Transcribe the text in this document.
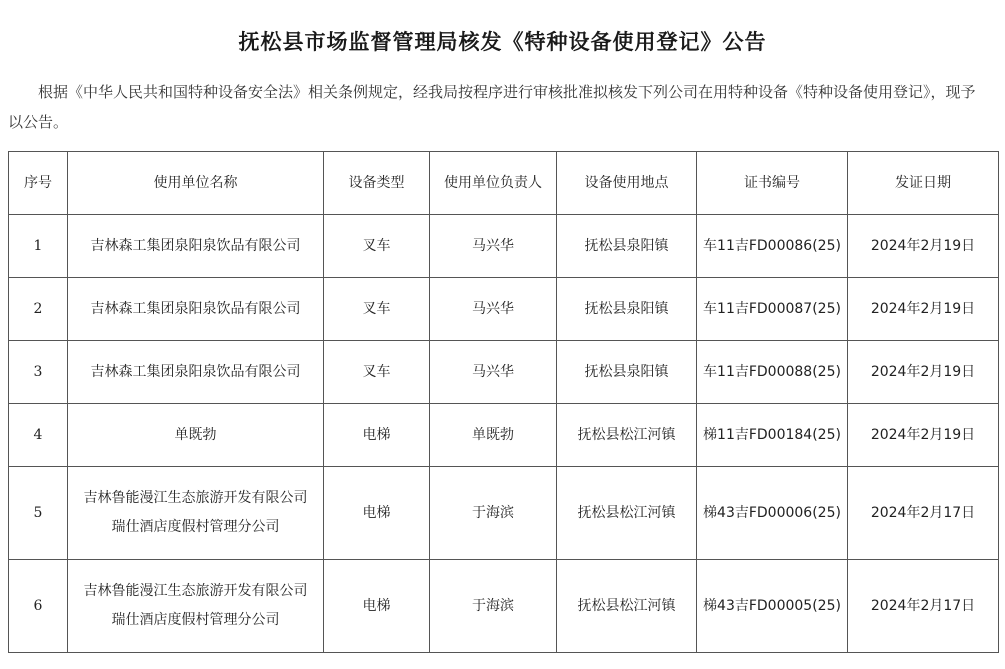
抚松县市场监督管理局核发《特种设备使用登记》公告

根据《中华人民共和国特种设备安全法》相关条例规定，经我局按程序进行审核批准拟核发下列公司在用特种设备《特种设备使用登记》，现予以公告。

序号	使用单位名称	设备类型	使用单位负责人	设备使用地点	证书编号	发证日期
1	吉林森工集团泉阳泉饮品有限公司	叉车	马兴华	抚松县泉阳镇	车11吉FD00086(25)	2024年2月19日
2	吉林森工集团泉阳泉饮品有限公司	叉车	马兴华	抚松县泉阳镇	车11吉FD00087(25)	2024年2月19日
3	吉林森工集团泉阳泉饮品有限公司	叉车	马兴华	抚松县泉阳镇	车11吉FD00088(25)	2024年2月19日
4	单既勃	电梯	单既勃	抚松县松江河镇	梯11吉FD00184(25)	2024年2月19日
5	吉林鲁能漫江生态旅游开发有限公司
瑞仕酒店度假村管理分公司	电梯	于海滨	抚松县松江河镇	梯43吉FD00006(25)	2024年2月17日
6	吉林鲁能漫江生态旅游开发有限公司
瑞仕酒店度假村管理分公司	电梯	于海滨	抚松县松江河镇	梯43吉FD00005(25)	2024年2月17日
